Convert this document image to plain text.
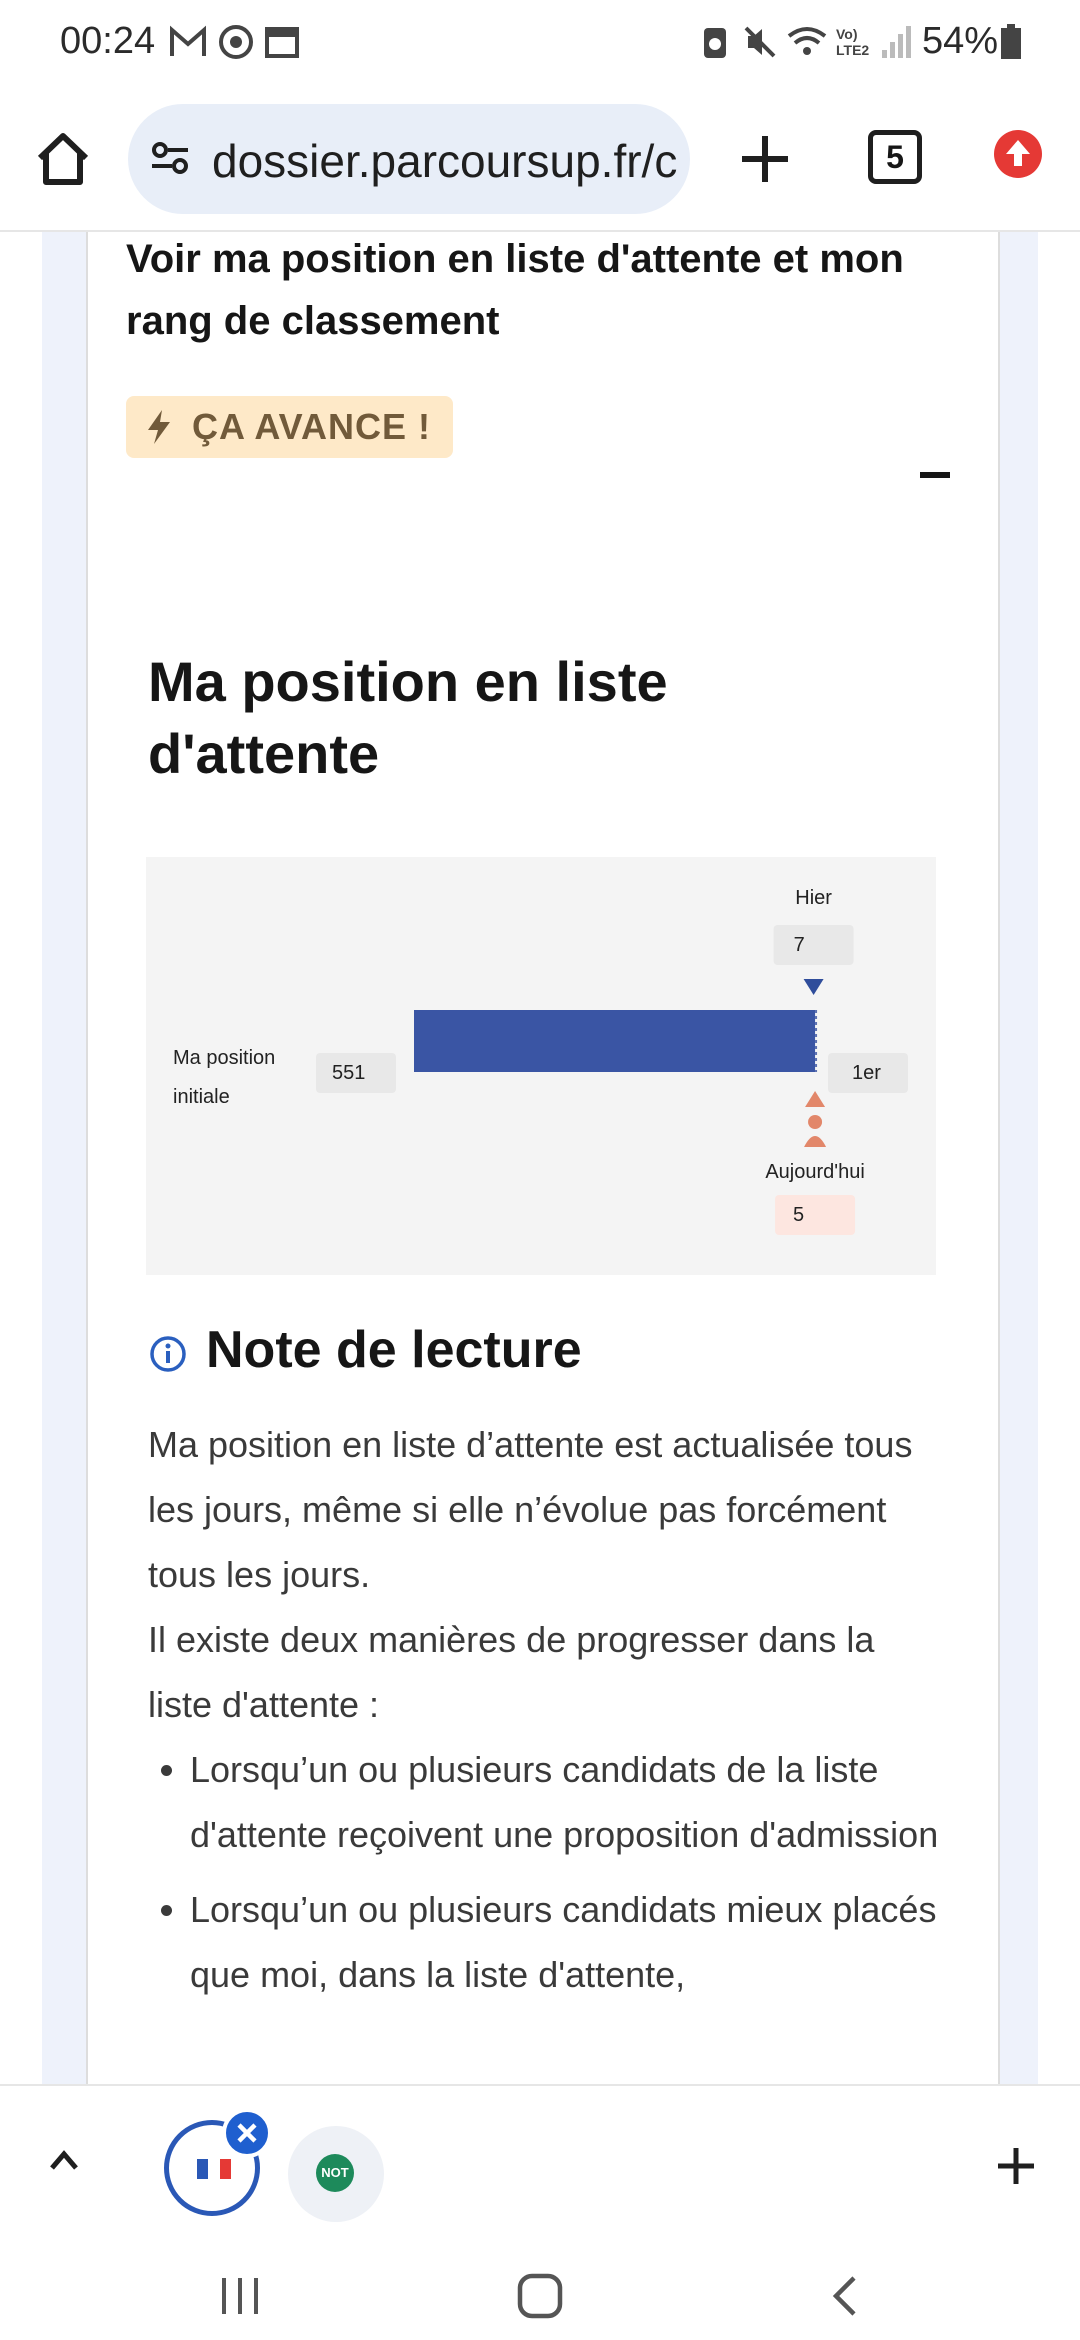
00:24	Vo) LTE2 54%
dossier.parcoursup.fr/c	5
Voir ma position en liste d'attente et mon rang de classement
ÇA AVANCE !
Ma position en liste d'attente
Ma position
initiale
551	1er
Hier
7
Aujourd'hui
5
Note de lecture

Ma position en liste d’attente est actualisée tous les jours, même si elle n’évolue pas forcément tous les jours.

Il existe deux manières de progresser dans la liste d'attente :

• Lorsqu’un ou plusieurs candidats de la liste d'attente reçoivent une proposition d'admission
• Lorsqu’un ou plusieurs candidats mieux placés que moi, dans la liste d'attente,
NOT
